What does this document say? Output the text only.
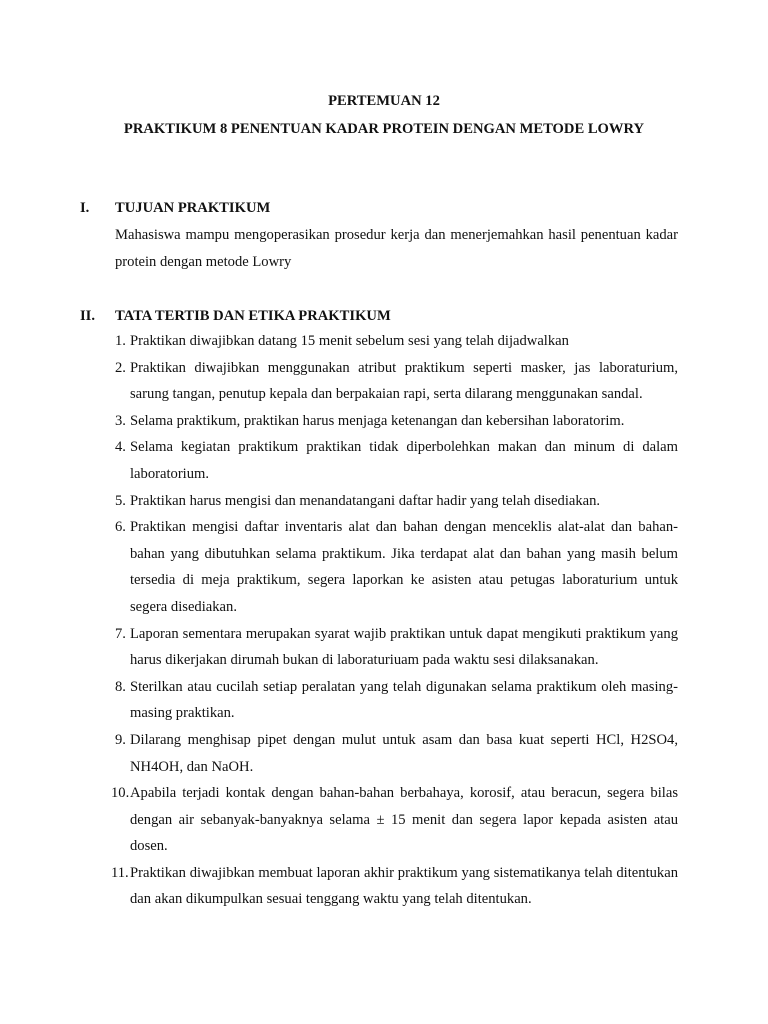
PERTEMUAN 12
PRAKTIKUM 8 PENENTUAN KADAR PROTEIN DENGAN METODE LOWRY
I. TUJUAN PRAKTIKUM
Mahasiswa mampu mengoperasikan prosedur kerja dan menerjemahkan hasil penentuan kadar protein dengan metode Lowry
II. TATA TERTIB DAN ETIKA PRAKTIKUM
1. Praktikan diwajibkan datang 15 menit sebelum sesi yang telah dijadwalkan
2. Praktikan diwajibkan menggunakan atribut praktikum seperti masker, jas laboraturium, sarung tangan, penutup kepala dan berpakaian rapi, serta dilarang menggunakan sandal.
3. Selama praktikum, praktikan harus menjaga ketenangan dan kebersihan laboratorim.
4. Selama kegiatan praktikum praktikan tidak diperbolehkan makan dan minum di dalam laboratorium.
5. Praktikan harus mengisi dan menandatangani daftar hadir yang telah disediakan.
6. Praktikan mengisi daftar inventaris alat dan bahan dengan menceklis alat-alat dan bahan-bahan yang dibutuhkan selama praktikum. Jika terdapat alat dan bahan yang masih belum tersedia di meja praktikum, segera laporkan ke asisten atau petugas laboraturium untuk segera disediakan.
7. Laporan sementara merupakan syarat wajib praktikan untuk dapat mengikuti praktikum yang harus dikerjakan dirumah bukan di laboraturiuam pada waktu sesi dilaksanakan.
8. Sterilkan atau cucilah setiap peralatan yang telah digunakan selama praktikum oleh masing-masing praktikan.
9. Dilarang menghisap pipet dengan mulut untuk asam dan basa kuat seperti HCl, H2SO4, NH4OH, dan NaOH.
10. Apabila terjadi kontak dengan bahan-bahan berbahaya, korosif, atau beracun, segera bilas dengan air sebanyak-banyaknya selama ± 15 menit dan segera lapor kepada asisten atau dosen.
11. Praktikan diwajibkan membuat laporan akhir praktikum yang sistematikanya telah ditentukan dan akan dikumpulkan sesuai tenggang waktu yang telah ditentukan.
